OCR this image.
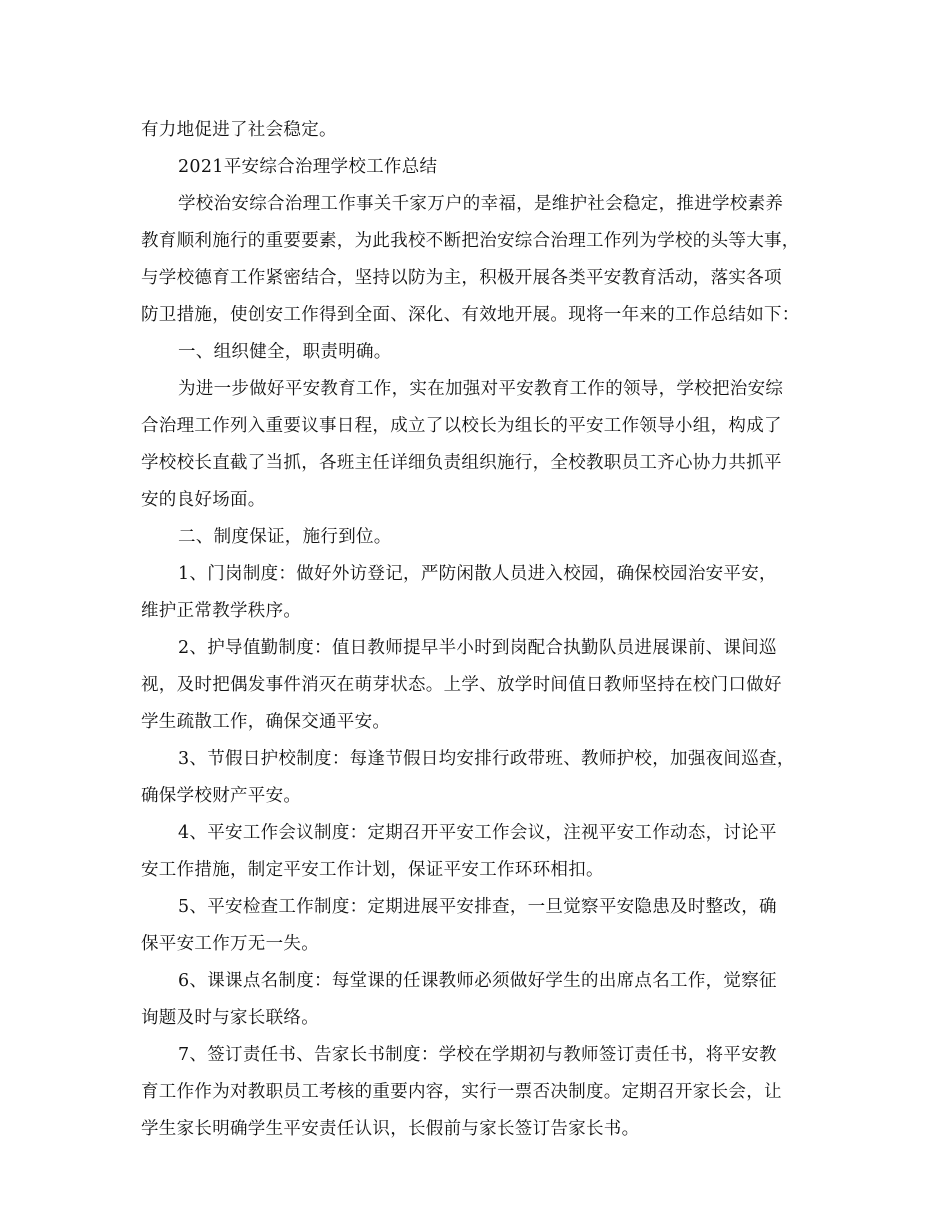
有力地促进了社会稳定。
2021平安综合治理学校工作总结
学校治安综合治理工作事关千家万户的幸福，是维护社会稳定，推进学校素养
教育顺利施行的重要要素，为此我校不断把治安综合治理工作列为学校的头等大事，
与学校德育工作紧密结合，坚持以防为主，积极开展各类平安教育活动，落实各项
防卫措施，使创安工作得到全面、深化、有效地开展。现将一年来的工作总结如下：
一、组织健全，职责明确。
为进一步做好平安教育工作，实在加强对平安教育工作的领导，学校把治安综
合治理工作列入重要议事日程，成立了以校长为组长的平安工作领导小组，构成了
学校校长直截了当抓，各班主任详细负责组织施行，全校教职员工齐心协力共抓平
安的良好场面。
二、制度保证，施行到位。
1、门岗制度：做好外访登记，严防闲散人员进入校园，确保校园治安平安，
维护正常教学秩序。
2、护导值勤制度：值日教师提早半小时到岗配合执勤队员进展课前、课间巡
视，及时把偶发事件消灭在萌芽状态。上学、放学时间值日教师坚持在校门口做好
学生疏散工作，确保交通平安。
3、节假日护校制度：每逢节假日均安排行政带班、教师护校，加强夜间巡查，
确保学校财产平安。
4、平安工作会议制度：定期召开平安工作会议，注视平安工作动态，讨论平
安工作措施，制定平安工作计划，保证平安工作环环相扣。
5、平安检查工作制度：定期进展平安排查，一旦觉察平安隐患及时整改，确
保平安工作万无一失。
6、课课点名制度：每堂课的任课教师必须做好学生的出席点名工作，觉察征
询题及时与家长联络。
7、签订责任书、告家长书制度：学校在学期初与教师签订责任书，将平安教
育工作作为对教职员工考核的重要内容，实行一票否决制度。定期召开家长会，让
学生家长明确学生平安责任认识，长假前与家长签订告家长书。
